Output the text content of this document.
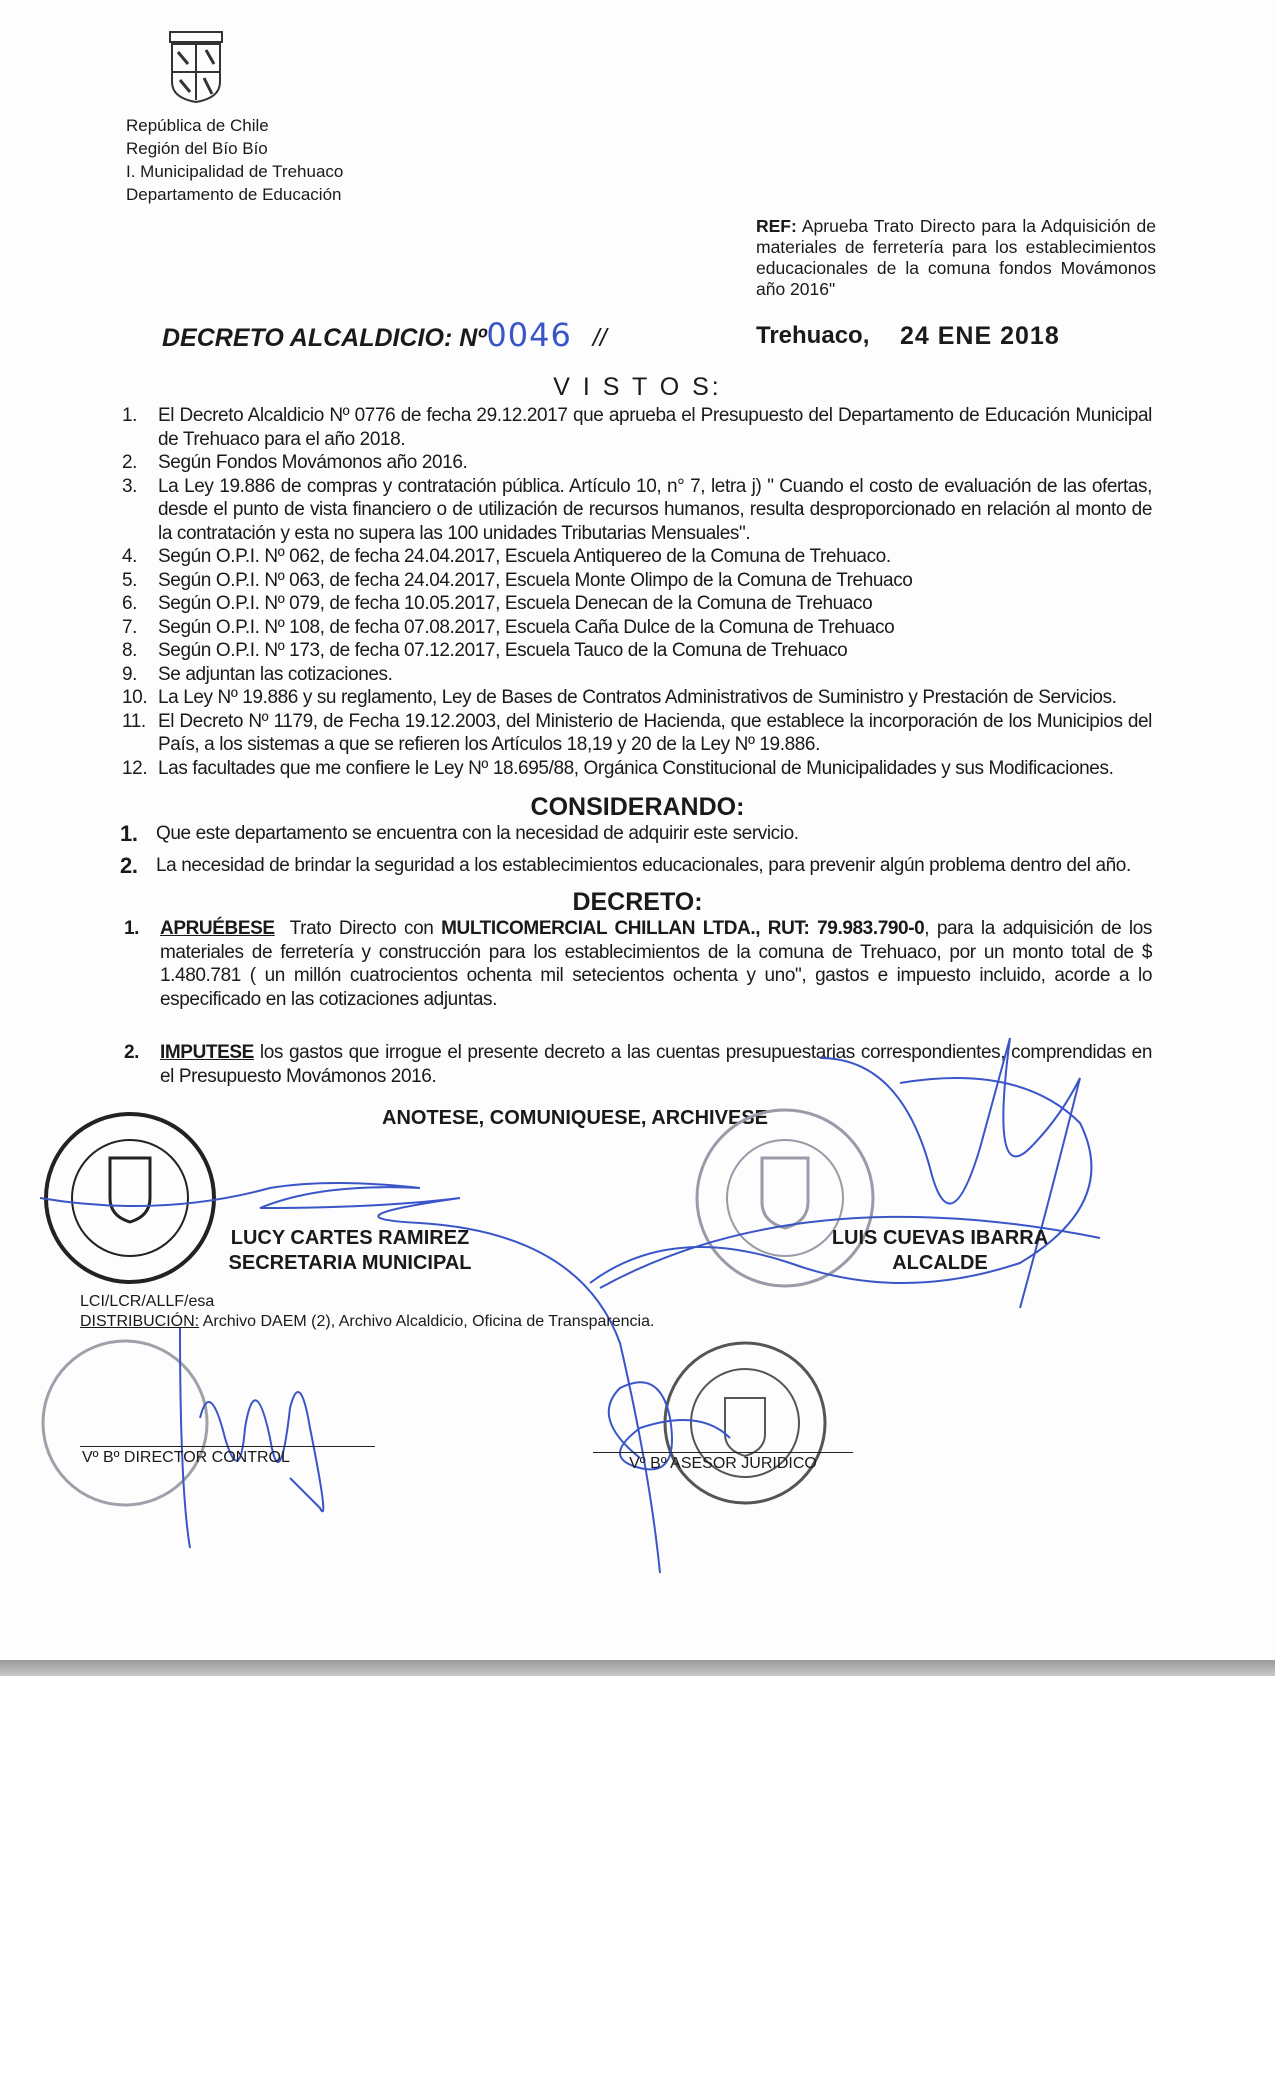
República de Chile
Región del Bío Bío
I. Municipalidad de Trehuaco
Departamento de Educación
REF: Aprueba Trato Directo para la Adquisición de materiales de ferretería para los establecimientos educacionales de la comuna fondos Movámonos año 2016"
DECRETO ALCALDICIO: Nº0046 //	Trehuaco, 24 ENE 2018
V I S T O S:
1. El Decreto Alcaldicio Nº 0776 de fecha 29.12.2017 que aprueba el Presupuesto del Departamento de Educación Municipal de Trehuaco para el año 2018.
2. Según Fondos Movámonos año 2016.
3. La Ley 19.886 de compras y contratación pública. Artículo 10, n° 7, letra j) " Cuando el costo de evaluación de las ofertas, desde el punto de vista financiero o de utilización de recursos humanos, resulta desproporcionado en relación al monto de la contratación y esta no supera las 100 unidades Tributarias Mensuales".
4. Según O.P.I. Nº 062, de fecha 24.04.2017, Escuela Antiquereo de la Comuna de Trehuaco.
5. Según O.P.I. Nº 063, de fecha 24.04.2017, Escuela Monte Olimpo de la Comuna de Trehuaco
6. Según O.P.I. Nº 079, de fecha 10.05.2017, Escuela Denecan de la Comuna de Trehuaco
7. Según O.P.I. Nº 108, de fecha 07.08.2017, Escuela Caña Dulce de la Comuna de Trehuaco
8. Según O.P.I. Nº 173, de fecha 07.12.2017, Escuela Tauco de la Comuna de Trehuaco
9. Se adjuntan las cotizaciones.
10. La Ley Nº 19.886 y su reglamento, Ley de Bases de Contratos Administrativos de Suministro y Prestación de Servicios.
11. El Decreto Nº 1179, de Fecha 19.12.2003, del Ministerio de Hacienda, que establece la incorporación de los Municipios del País, a los sistemas a que se refieren los Artículos 18,19 y 20 de la Ley Nº 19.886.
12. Las facultades que me confiere le Ley Nº 18.695/88, Orgánica Constitucional de Municipalidades y sus Modificaciones.
CONSIDERANDO:
1. Que este departamento se encuentra con la necesidad de adquirir este servicio.
2. La necesidad de brindar la seguridad a los establecimientos educacionales, para prevenir algún problema dentro del año.
DECRETO:
1. APRUÉBESE  Trato Directo con MULTICOMERCIAL CHILLAN LTDA., RUT: 79.983.790-0, para la adquisición de los materiales de ferretería y construcción para los establecimientos de la comuna de Trehuaco, por un monto total de $ 1.480.781 ( un millón cuatrocientos ochenta mil setecientos ochenta y uno", gastos e impuesto incluido, acorde a lo especificado en las cotizaciones adjuntas.
2. IMPUTESE los gastos que irrogue el presente decreto a las cuentas presupuestarias correspondientes, comprendidas en el Presupuesto Movámonos 2016.
ANOTESE, COMUNIQUESE, ARCHIVESE
LUCY CARTES RAMIREZ
SECRETARIA MUNICIPAL
LUIS CUEVAS IBARRA
ALCALDE
LCI/LCR/ALLF/esa
DISTRIBUCIÓN: Archivo DAEM (2), Archivo Alcaldicio, Oficina de Transparencia.
Vº Bº DIRECTOR CONTROL	Vº Bº ASESOR JURIDICO
